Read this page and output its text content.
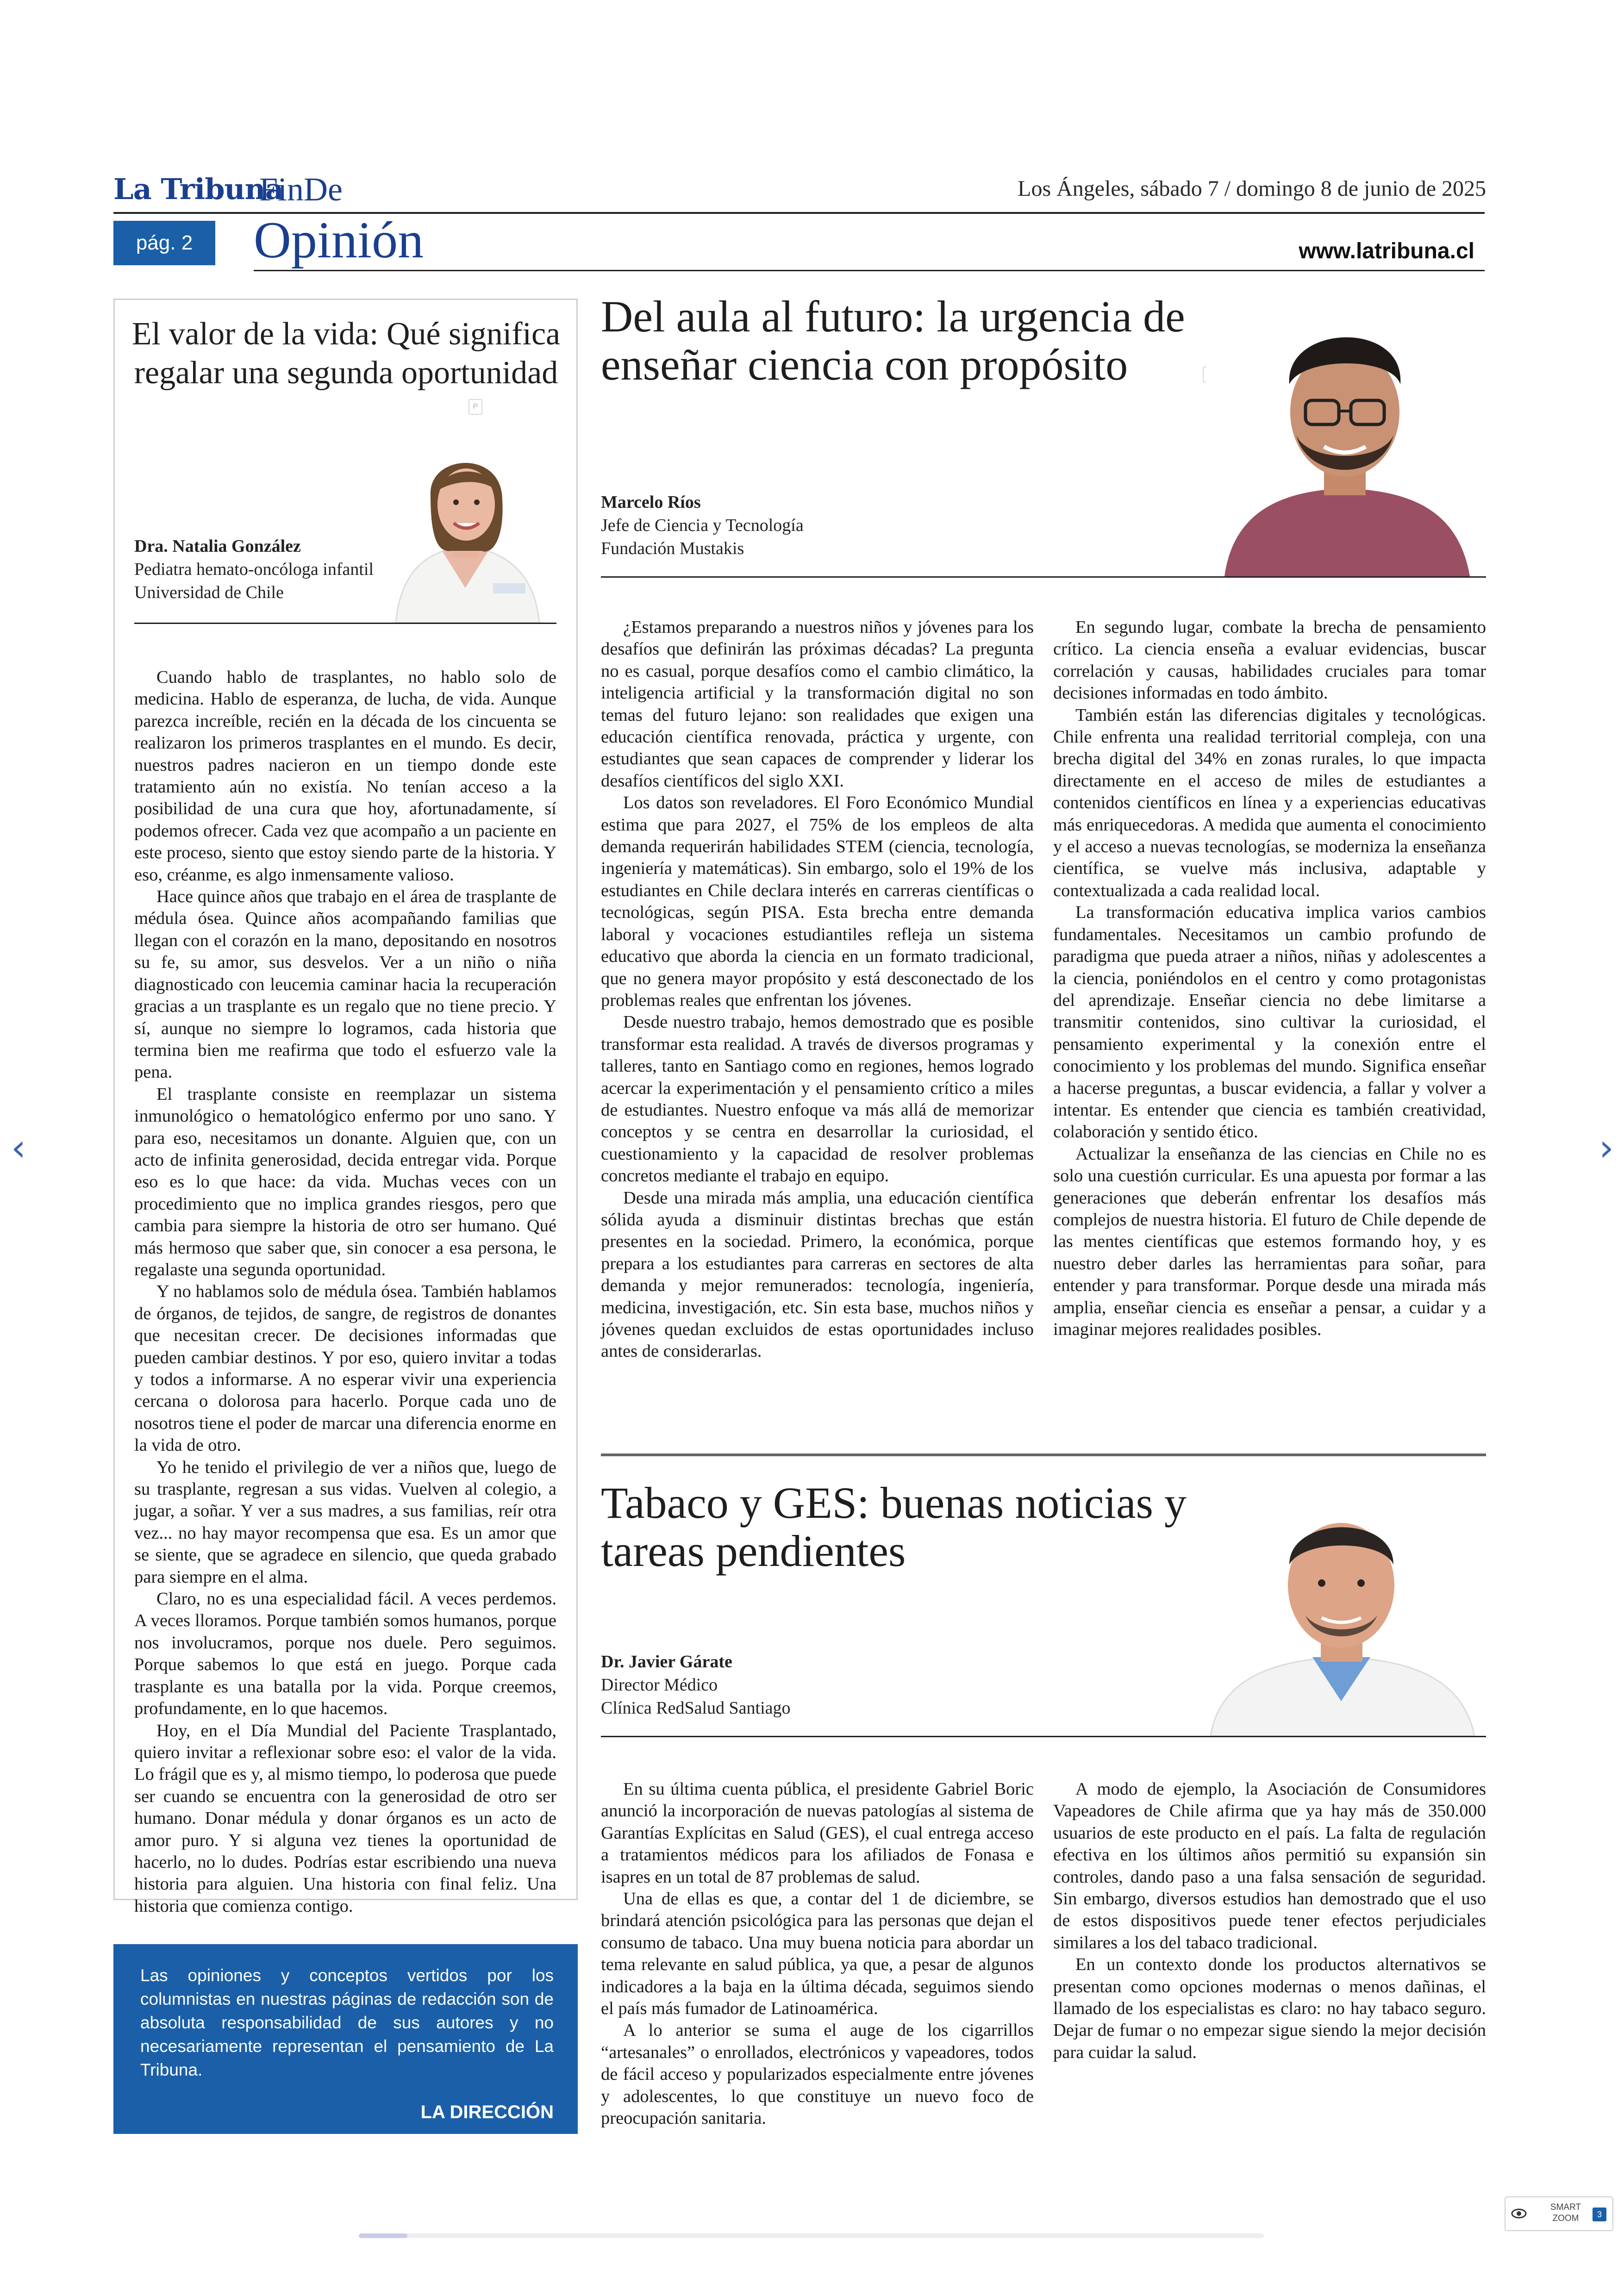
La Tribuna
FinDe	Los Ángeles, sábado 7 / domingo 8 de junio de 2025
pág. 2	Opinión	www.latribuna.cl
El valor de la vida: Qué significa regalar una segunda oportunidad
P
Dra. Natalia González
Pediatra hemato-oncóloga infantil
Universidad de Chile

Cuando hablo de trasplantes, no hablo solo de medicina. Hablo de esperanza, de lucha, de vida. Aunque parezca increíble, recién en la década de los cincuenta se realizaron los primeros trasplantes en el mundo. Es decir, nuestros padres nacieron en un tiempo donde este tratamiento aún no existía. No tenían acceso a la posibilidad de una cura que hoy, afortunadamente, sí podemos ofrecer. Cada vez que acompaño a un paciente en este proceso, siento que estoy siendo parte de la historia. Y eso, créanme, es algo inmensamente valioso.

Hace quince años que trabajo en el área de trasplante de médula ósea. Quince años acompañando familias que llegan con el corazón en la mano, depositando en nosotros su fe, su amor, sus desvelos. Ver a un niño o niña diagnosticado con leucemia caminar hacia la recuperación gracias a un trasplante es un regalo que no tiene precio. Y sí, aunque no siempre lo logramos, cada historia que termina bien me reafirma que todo el esfuerzo vale la pena.

El trasplante consiste en reemplazar un sistema inmunológico o hematológico enfermo por uno sano. Y para eso, necesitamos un donante. Alguien que, con un acto de infinita generosidad, decida entregar vida. Porque eso es lo que hace: da vida. Muchas veces con un procedimiento que no implica grandes riesgos, pero que cambia para siempre la historia de otro ser humano. Qué más hermoso que saber que, sin conocer a esa persona, le regalaste una segunda oportunidad.

Y no hablamos solo de médula ósea. También hablamos de órganos, de tejidos, de sangre, de registros de donantes que necesitan crecer. De decisiones informadas que pueden cambiar destinos. Y por eso, quiero invitar a todas y todos a informarse. A no esperar vivir una experiencia cercana o dolorosa para hacerlo. Porque cada uno de nosotros tiene el poder de marcar una diferencia enorme en la vida de otro.

Yo he tenido el privilegio de ver a niños que, luego de su trasplante, regresan a sus vidas. Vuelven al colegio, a jugar, a soñar. Y ver a sus madres, a sus familias, reír otra vez... no hay mayor recompensa que esa. Es un amor que se siente, que se agradece en silencio, que queda grabado para siempre en el alma.

Claro, no es una especialidad fácil. A veces perdemos. A veces lloramos. Porque también somos humanos, porque nos involucramos, porque nos duele. Pero seguimos. Porque sabemos lo que está en juego. Porque cada trasplante es una batalla por la vida. Porque creemos, profundamente, en lo que hacemos.

Hoy, en el Día Mundial del Paciente Trasplantado, quiero invitar a reflexionar sobre eso: el valor de la vida. Lo frágil que es y, al mismo tiempo, lo poderosa que puede ser cuando se encuentra con la generosidad de otro ser humano. Donar médula y donar órganos es un acto de amor puro. Y si alguna vez tienes la oportunidad de hacerlo, no lo dudes. Podrías estar escribiendo una nueva historia para alguien. Una historia con final feliz. Una historia que comienza contigo.

Las opiniones y conceptos vertidos por los columnistas en nuestras páginas de redacción son de absoluta responsabilidad de sus autores y no necesariamente representan el pensamiento de La Tribuna.
LA DIRECCIÓN
Del aula al futuro: la urgencia de enseñar ciencia con propósito
Marcelo Ríos
Jefe de Ciencia y Tecnología
Fundación Mustakis

¿Estamos preparando a nuestros niños y jóvenes para los desafíos que definirán las próximas décadas? La pregunta no es casual, porque desafíos como el cambio climático, la inteligencia artificial y la transformación digital no son temas del futuro lejano: son realidades que exigen una educación científica renovada, práctica y urgente, con estudiantes que sean capaces de comprender y liderar los desafíos científicos del siglo XXI.

Los datos son reveladores. El Foro Económico Mundial estima que para 2027, el 75% de los empleos de alta demanda requerirán habilidades STEM (ciencia, tecnología, ingeniería y matemáticas). Sin embargo, solo el 19% de los estudiantes en Chile declara interés en carreras científicas o tecnológicas, según PISA. Esta brecha entre demanda laboral y vocaciones estudiantiles refleja un sistema educativo que aborda la ciencia en un formato tradicional, que no genera mayor propósito y está desconectado de los problemas reales que enfrentan los jóvenes.

Desde nuestro trabajo, hemos demostrado que es posible transformar esta realidad. A través de diversos programas y talleres, tanto en Santiago como en regiones, hemos logrado acercar la experimentación y el pensamiento crítico a miles de estudiantes. Nuestro enfoque va más allá de memorizar conceptos y se centra en desarrollar la curiosidad, el cuestionamiento y la capacidad de resolver problemas concretos mediante el trabajo en equipo.

Desde una mirada más amplia, una educación científica sólida ayuda a disminuir distintas brechas que están presentes en la sociedad. Primero, la económica, porque prepara a los estudiantes para carreras en sectores de alta demanda y mejor remunerados: tecnología, ingeniería, medicina, investigación, etc. Sin esta base, muchos niños y jóvenes quedan excluidos de estas oportunidades incluso antes de considerarlas.

En segundo lugar, combate la brecha de pensamiento crítico. La ciencia enseña a evaluar evidencias, buscar correlación y causas, habilidades cruciales para tomar decisiones informadas en todo ámbito.

También están las diferencias digitales y tecnológicas. Chile enfrenta una realidad territorial compleja, con una brecha digital del 34% en zonas rurales, lo que impacta directamente en el acceso de miles de estudiantes a contenidos científicos en línea y a experiencias educativas más enriquecedoras. A medida que aumenta el conocimiento y el acceso a nuevas tecnologías, se moderniza la enseñanza científica, se vuelve más inclusiva, adaptable y contextualizada a cada realidad local.

La transformación educativa implica varios cambios fundamentales. Necesitamos un cambio profundo de paradigma que pueda atraer a niños, niñas y adolescentes a la ciencia, poniéndolos en el centro y como protagonistas del aprendizaje. Enseñar ciencia no debe limitarse a transmitir contenidos, sino cultivar la curiosidad, el pensamiento experimental y la conexión entre el conocimiento y los problemas del mundo. Significa enseñar a hacerse preguntas, a buscar evidencia, a fallar y volver a intentar. Es entender que ciencia es también creatividad, colaboración y sentido ético.

Actualizar la enseñanza de las ciencias en Chile no es solo una cuestión curricular. Es una apuesta por formar a las generaciones que deberán enfrentar los desafíos más complejos de nuestra historia. El futuro de Chile depende de las mentes científicas que estemos formando hoy, y es nuestro deber darles las herramientas para soñar, para entender y para transformar. Porque desde una mirada más amplia, enseñar ciencia es enseñar a pensar, a cuidar y a imaginar mejores realidades posibles.

Tabaco y GES: buenas noticias y tareas pendientes
Dr. Javier Gárate
Director Médico
Clínica RedSalud Santiago

En su última cuenta pública, el presidente Gabriel Boric anunció la incorporación de nuevas patologías al sistema de Garantías Explícitas en Salud (GES), el cual entrega acceso a tratamientos médicos para los afiliados de Fonasa e isapres en un total de 87 problemas de salud.

Una de ellas es que, a contar del 1 de diciembre, se brindará atención psicológica para las personas que dejan el consumo de tabaco. Una muy buena noticia para abordar un tema relevante en salud pública, ya que, a pesar de algunos indicadores a la baja en la última década, seguimos siendo el país más fumador de Latinoamérica.

A lo anterior se suma el auge de los cigarrillos “artesanales” o enrollados, electrónicos y vapeadores, todos de fácil acceso y popularizados especialmente entre jóvenes y adolescentes, lo que constituye un nuevo foco de preocupación sanitaria.

A modo de ejemplo, la Asociación de Consumidores Vapeadores de Chile afirma que ya hay más de 350.000 usuarios de este producto en el país. La falta de regulación efectiva en los últimos años permitió su expansión sin controles, dando paso a una falsa sensación de seguridad. Sin embargo, diversos estudios han demostrado que el uso de estos dispositivos puede tener efectos perjudiciales similares a los del tabaco tradicional.

En un contexto donde los productos alternativos se presentan como opciones modernas o menos dañinas, el llamado de los especialistas es claro: no hay tabaco seguro. Dejar de fumar o no empezar sigue siendo la mejor decisión para cuidar la salud.

‹	›
SMART
ZOOM	3
